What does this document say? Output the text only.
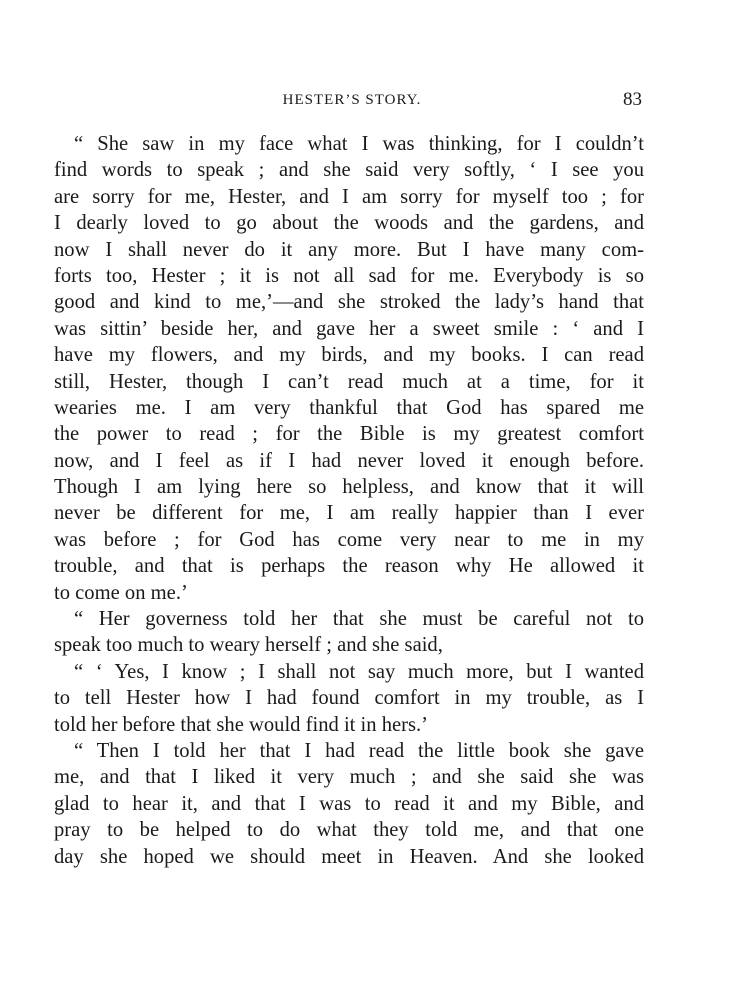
HESTER’S STORY.	83
“ She saw in my face what I was thinking, for I couldn’t
find words to speak ; and she said very softly, ‘ I see you
are sorry for me, Hester, and I am sorry for myself too ; for
I dearly loved to go about the woods and the gardens, and
now I shall never do it any more. But I have many com-
forts too, Hester ; it is not all sad for me. Everybody is so
good and kind to me,’—and she stroked the lady’s hand that
was sittin’ beside her, and gave her a sweet smile : ‘ and I
have my flowers, and my birds, and my books. I can read
still, Hester, though I can’t read much at a time, for it
wearies me. I am very thankful that God has spared me
the power to read ; for the Bible is my greatest comfort
now, and I feel as if I had never loved it enough before.
Though I am lying here so helpless, and know that it will
never be different for me, I am really happier than I ever
was before ; for God has come very near to me in my
trouble, and that is perhaps the reason why He allowed it
to come on me.’
“ Her governess told her that she must be careful not to
speak too much to weary herself ; and she said,
“ ‘ Yes, I know ; I shall not say much more, but I wanted
to tell Hester how I had found comfort in my trouble, as I
told her before that she would find it in hers.’
“ Then I told her that I had read the little book she gave
me, and that I liked it very much ; and she said she was
glad to hear it, and that I was to read it and my Bible, and
pray to be helped to do what they told me, and that one
day she hoped we should meet in Heaven. And she looked
